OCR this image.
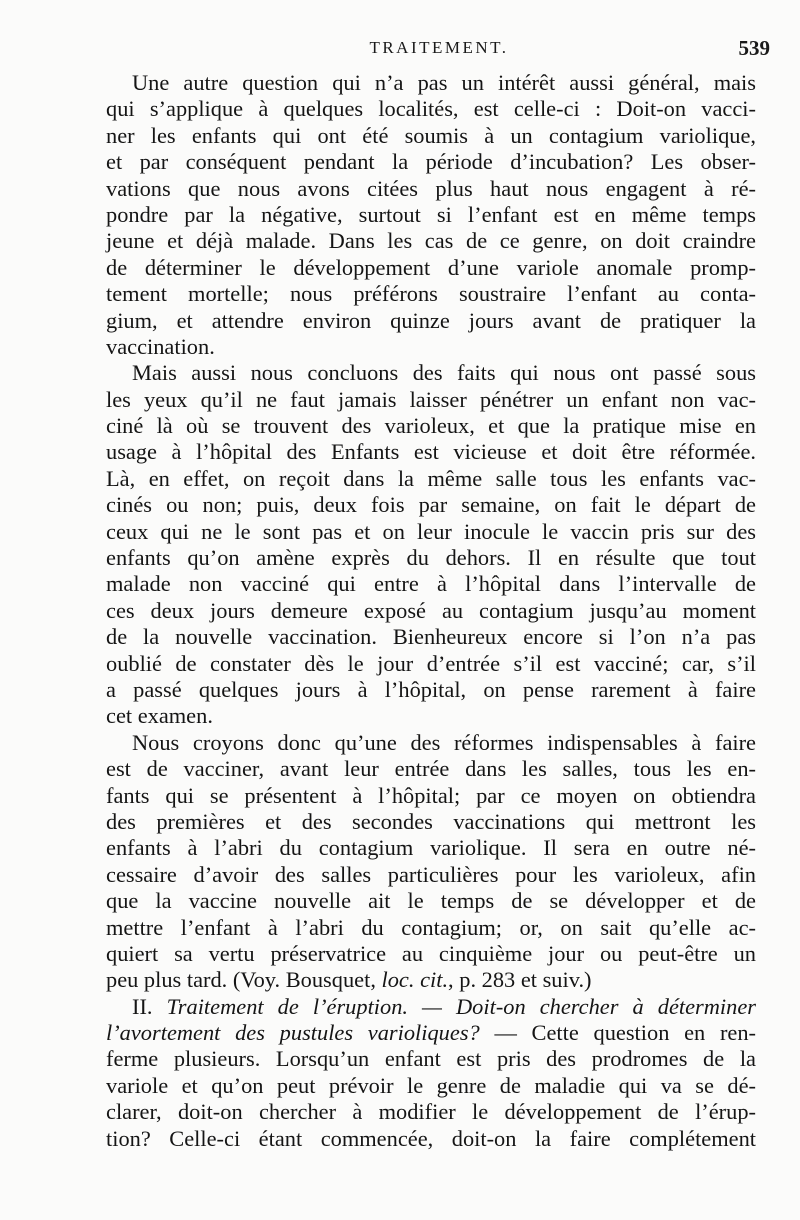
TRAITEMENT.	539
Une autre question qui n’a pas un intérêt aussi général, mais
qui s’applique à quelques localités, est celle-ci : Doit-on vacci-
ner les enfants qui ont été soumis à un contagium variolique,
et par conséquent pendant la période d’incubation? Les obser-
vations que nous avons citées plus haut nous engagent à ré-
pondre par la négative, surtout si l’enfant est en même temps
jeune et déjà malade. Dans les cas de ce genre, on doit craindre
de déterminer le développement d’une variole anomale promp-
tement mortelle; nous préférons soustraire l’enfant au conta-
gium, et attendre environ quinze jours avant de pratiquer la
vaccination.
Mais aussi nous concluons des faits qui nous ont passé sous
les yeux qu’il ne faut jamais laisser pénétrer un enfant non vac-
ciné là où se trouvent des varioleux, et que la pratique mise en
usage à l’hôpital des Enfants est vicieuse et doit être réformée.
Là, en effet, on reçoit dans la même salle tous les enfants vac-
cinés ou non; puis, deux fois par semaine, on fait le départ de
ceux qui ne le sont pas et on leur inocule le vaccin pris sur des
enfants qu’on amène exprès du dehors. Il en résulte que tout
malade non vacciné qui entre à l’hôpital dans l’intervalle de
ces deux jours demeure exposé au contagium jusqu’au moment
de la nouvelle vaccination. Bienheureux encore si l’on n’a pas
oublié de constater dès le jour d’entrée s’il est vacciné; car, s’il
a passé quelques jours à l’hôpital, on pense rarement à faire
cet examen.
Nous croyons donc qu’une des réformes indispensables à faire
est de vacciner, avant leur entrée dans les salles, tous les en-
fants qui se présentent à l’hôpital; par ce moyen on obtiendra
des premières et des secondes vaccinations qui mettront les
enfants à l’abri du contagium variolique. Il sera en outre né-
cessaire d’avoir des salles particulières pour les varioleux, afin
que la vaccine nouvelle ait le temps de se développer et de
mettre l’enfant à l’abri du contagium; or, on sait qu’elle ac-
quiert sa vertu préservatrice au cinquième jour ou peut-être un
peu plus tard. (Voy. Bousquet, loc. cit., p. 283 et suiv.)
II. Traitement de l’éruption. — Doit-on chercher à déterminer
l’avortement des pustules varioliques? — Cette question en ren-
ferme plusieurs. Lorsqu’un enfant est pris des prodromes de la
variole et qu’on peut prévoir le genre de maladie qui va se dé-
clarer, doit-on chercher à modifier le développement de l’érup-
tion? Celle-ci étant commencée, doit-on la faire complétement
